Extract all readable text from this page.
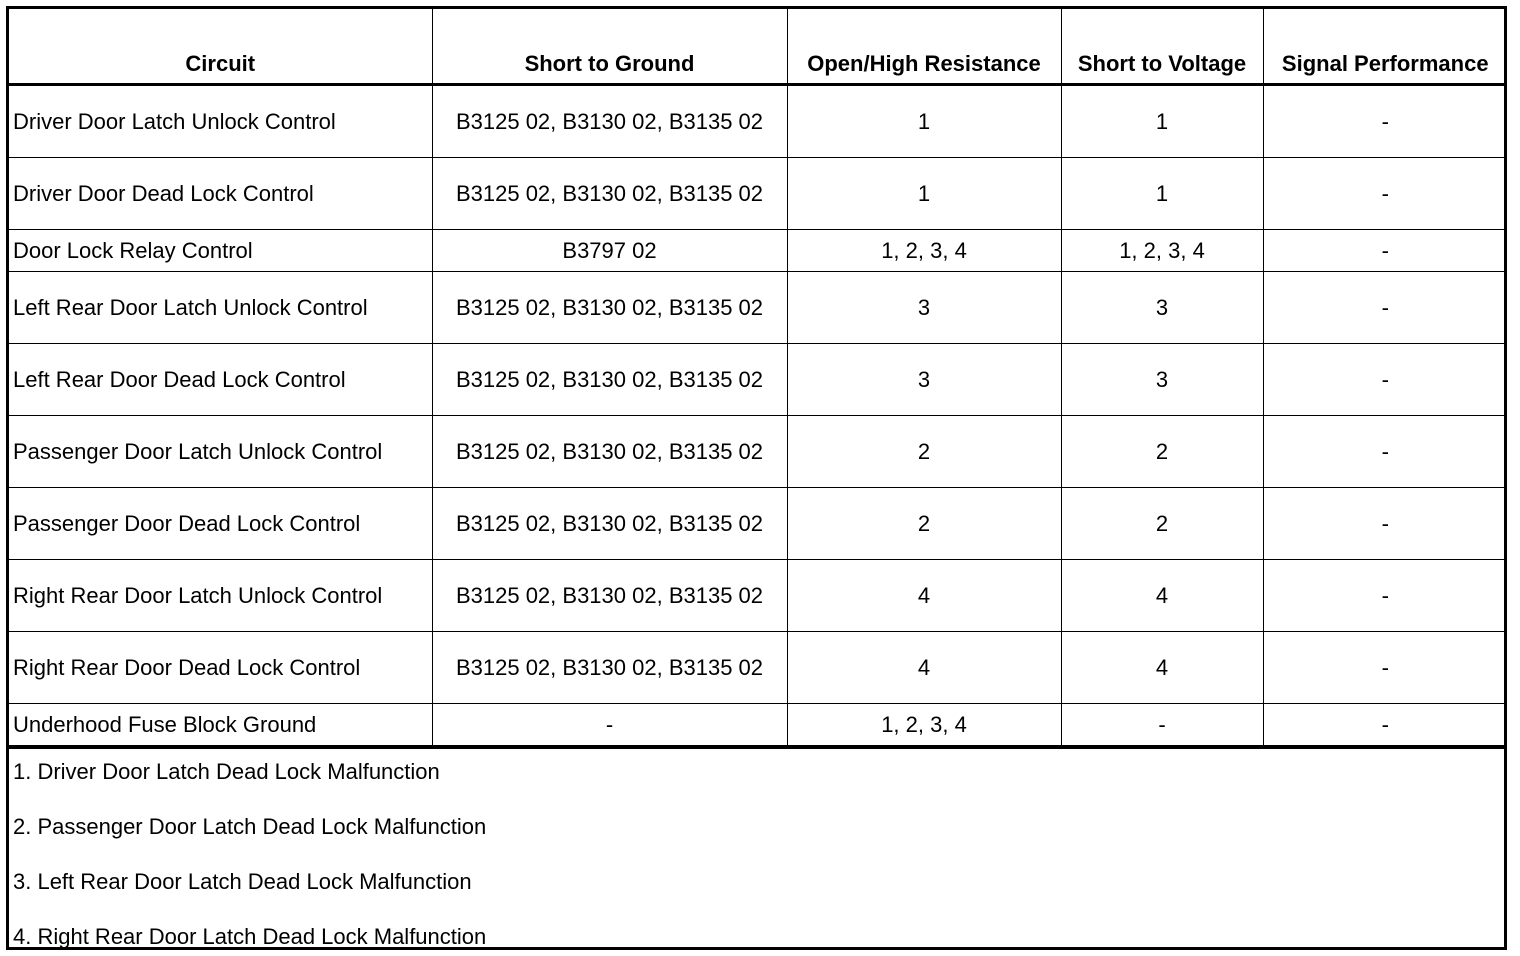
Circuit	Short to Ground	Open/High Resistance	Short to Voltage	Signal Performance
Driver Door Latch Unlock Control	B3125 02, B3130 02, B3135 02	1	1	-
Driver Door Dead Lock Control	B3125 02, B3130 02, B3135 02	1	1	-
Door Lock Relay Control	B3797 02	1, 2, 3, 4	1, 2, 3, 4	-
Left Rear Door Latch Unlock Control	B3125 02, B3130 02, B3135 02	3	3	-
Left Rear Door Dead Lock Control	B3125 02, B3130 02, B3135 02	3	3	-
Passenger Door Latch Unlock Control	B3125 02, B3130 02, B3135 02	2	2	-
Passenger Door Dead Lock Control	B3125 02, B3130 02, B3135 02	2	2	-
Right Rear Door Latch Unlock Control	B3125 02, B3130 02, B3135 02	4	4	-
Right Rear Door Dead Lock Control	B3125 02, B3130 02, B3135 02	4	4	-
Underhood Fuse Block Ground	-	1, 2, 3, 4	-	-
1. Driver Door Latch Dead Lock Malfunction
2. Passenger Door Latch Dead Lock Malfunction
3. Left Rear Door Latch Dead Lock Malfunction
4. Right Rear Door Latch Dead Lock Malfunction
